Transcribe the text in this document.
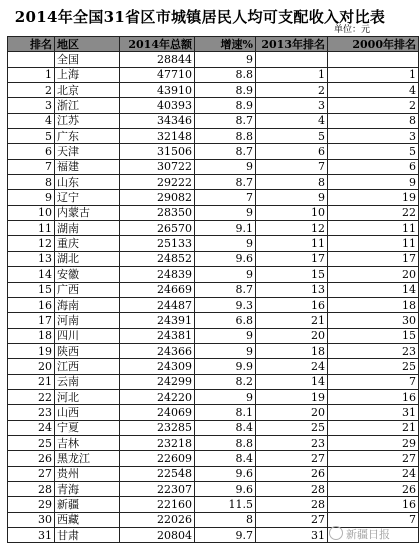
2014年全国31省区市城镇居民人均可支配收入对比表
单位：元
排名	地区	2014年总额	增速%	2013年排名	2000年排名
	全国	28844	9		
1	上海	47710	8.8	1	1
2	北京	43910	8.9	2	4
3	浙江	40393	8.9	3	2
4	江苏	34346	8.7	4	8
5	广东	32148	8.8	5	3
6	天津	31506	8.7	6	5
7	福建	30722	9	7	6
8	山东	29222	8.7	8	9
9	辽宁	29082	7	9	19
10	内蒙古	28350	9	10	22
11	湖南	26570	9.1	12	11
12	重庆	25133	9	11	11
13	湖北	24852	9.6	17	17
14	安徽	24839	9	15	20
15	广西	24669	8.7	13	14
16	海南	24487	9.3	16	18
17	河南	24391	6.8	21	30
18	四川	24381	9	20	15
19	陕西	24366	9	18	23
20	江西	24309	9.9	24	25
21	云南	24299	8.2	14	7
22	河北	24220	9	19	16
23	山西	24069	8.1	20	31
24	宁夏	23285	8.4	25	21
25	吉林	23218	8.8	23	29
26	黑龙江	22609	8.4	27	27
27	贵州	22548	9.6	26	24
28	青海	22307	9.6	28	26
29	新疆	22160	11.5	28	16
30	西藏	22026	8	27	7
31	甘肃	20804	9.7	31		新疆日报
